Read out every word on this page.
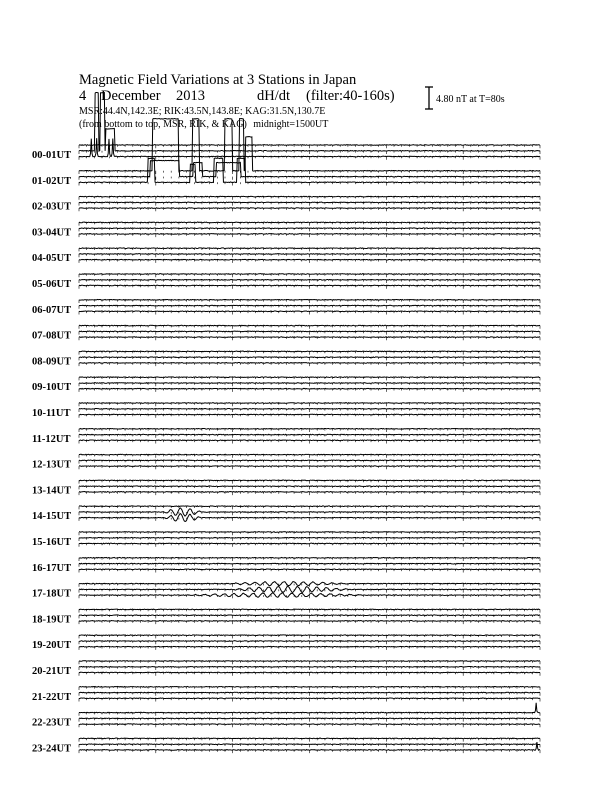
Magnetic Field Variations at 3 Stations in Japan
4 December 2013	dH/dt (filter:40-160s)
MSR:44.4N,142.3E; RIK:43.5N,143.8E; KAG:31.5N,130.7E
(from bottom to top, MSR, RIK, & KAG) midnight=1500UT
4.80 nT at T=80s
00-01UT
01-02UT
02-03UT
03-04UT
04-05UT
05-06UT
06-07UT
07-08UT
08-09UT
09-10UT
10-11UT
11-12UT
12-13UT
13-14UT
14-15UT
15-16UT
16-17UT
17-18UT
18-19UT
19-20UT
20-21UT
21-22UT
22-23UT
23-24UT
